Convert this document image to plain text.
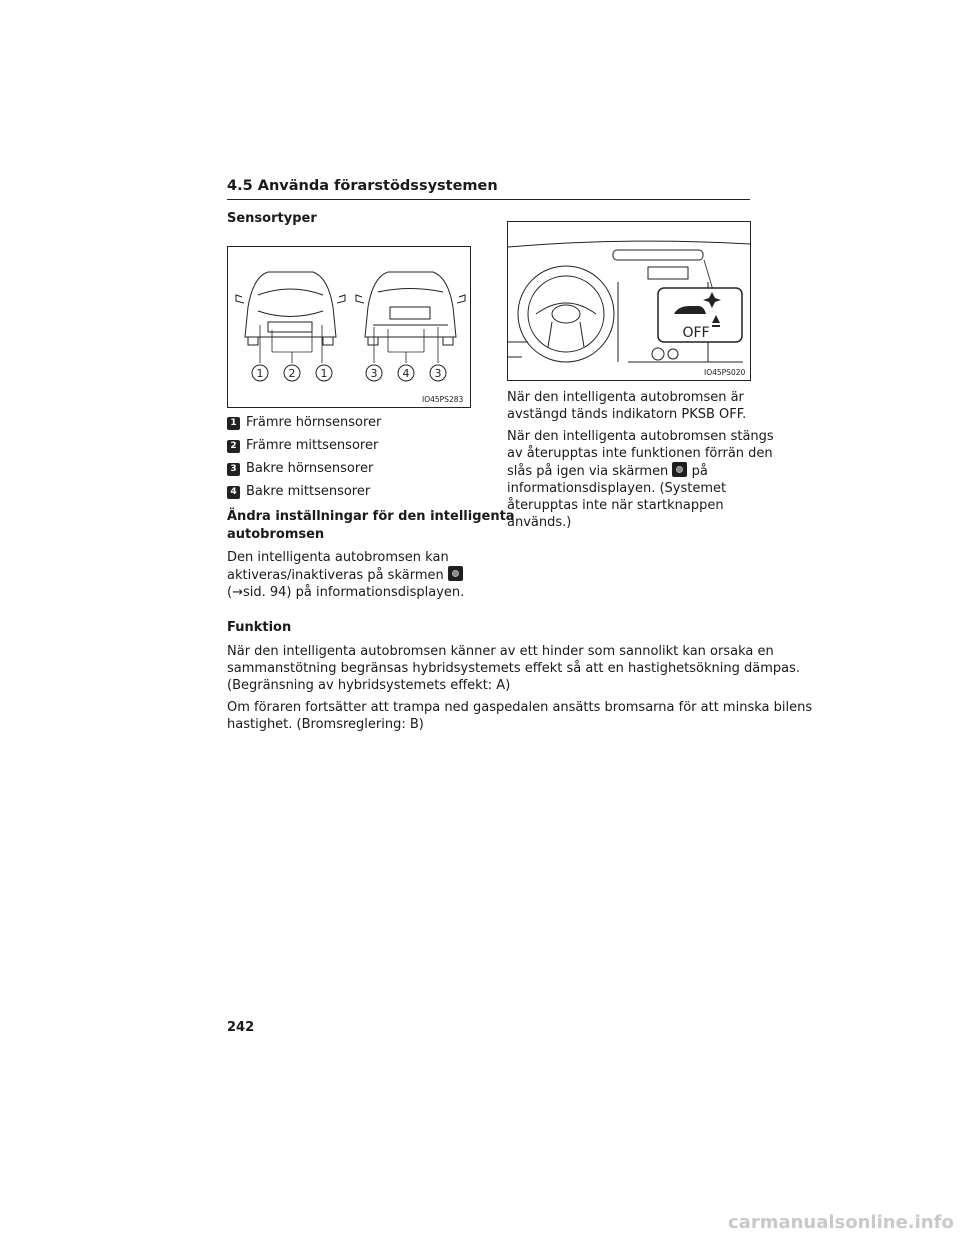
4.5 Använda förarstödssystemen
Sensortyper
1 2 1	3 4 3
IO45PS283
1 Främre hörnsensorer
2 Främre mittsensorer
3 Bakre hörnsensorer
4 Bakre mittsensorer
Ändra inställningar för den intelligenta
autobromsen
Den intelligenta autobromsen kan
aktiveras/inaktiveras på skärmen
(→sid. 94) på informationsdisplayen.
OFF
IO45PS020
När den intelligenta autobromsen är
avstängd tänds indikatorn PKSB OFF.
När den intelligenta autobromsen stängs
av återupptas inte funktionen förrän den
slås på igen via skärmen på
informationsdisplayen. (Systemet
återupptas inte när startknappen
används.)
Funktion
När den intelligenta autobromsen känner av ett hinder som sannolikt kan orsaka en
sammanstötning begränsas hybridsystemets effekt så att en hastighetsökning dämpas.
(Begränsning av hybridsystemets effekt: A)
Om föraren fortsätter att trampa ned gaspedalen ansätts bromsarna för att minska bilens
hastighet. (Bromsreglering: B)
242
carmanualsonline.info
